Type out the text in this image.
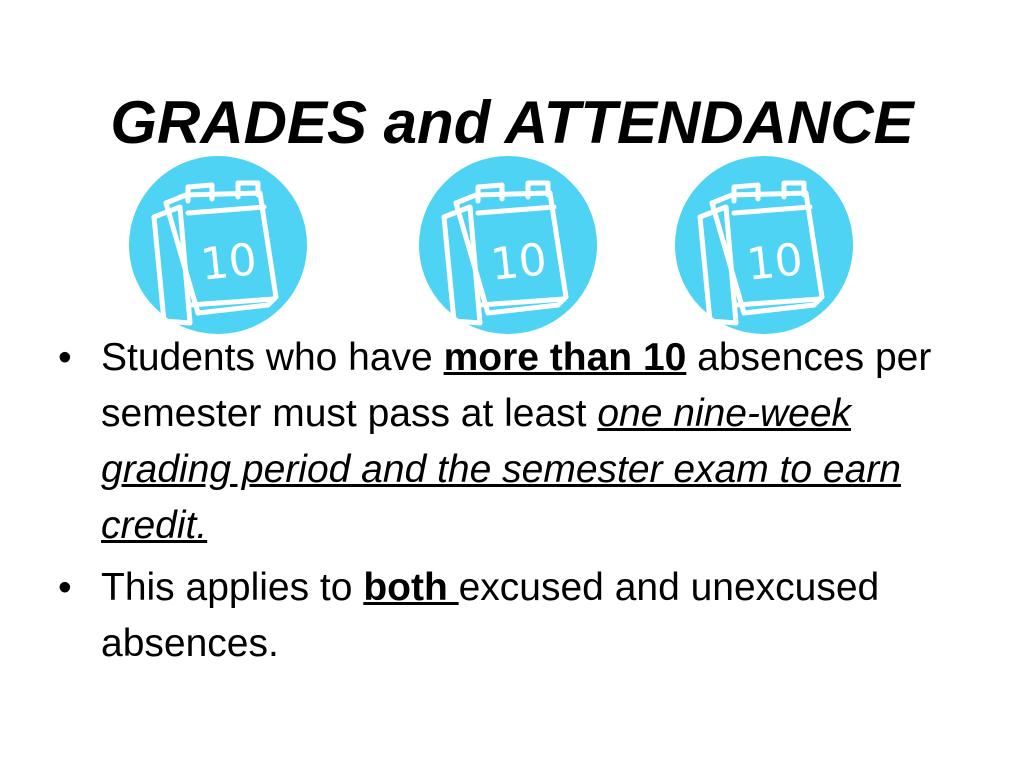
GRADES and ATTENDANCE
10	10	10
• Students who have more than 10 absences per semester must pass at least one nine-week grading period and the semester exam to earn credit.
• This applies to both excused and unexcused absences.
